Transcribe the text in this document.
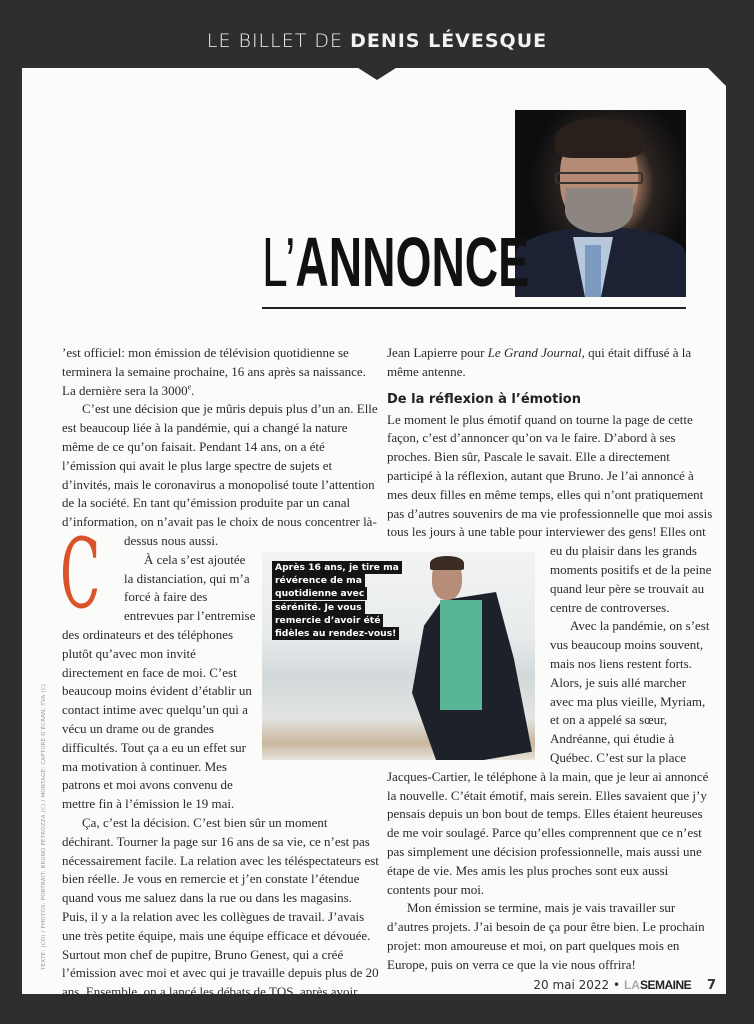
LE BILLET DE DENIS LÉVESQUE
L’ANNONCE
Après 16 ans, je tire ma révérence de ma quotidienne avec sérénité. Je vous remercie d’avoir été fidèles au rendez-vous!
C

’est officiel: mon émission de télévision quotidienne se terminera la semaine prochaine, 16 ans après sa naissance. La dernière sera la 3000e.

C’est une décision que je mûris depuis plus d’un an. Elle est beaucoup liée à la pandémie, qui a changé la nature même de ce qu’on faisait. Pendant 14 ans, on a été l’émission qui avait le plus large spectre de sujets et d’invités, mais le coronavirus a monopolisé toute l’attention de la société. En tant qu’émission produite par un canal d’information, on n’avait pas le choix de nous concentrer là-dessus nous aussi.

À cela s’est ajoutée la distanciation, qui m’a forcé à faire des entrevues par l’entremise des ordinateurs et des téléphones plutôt qu’avec mon invité directement en face de moi. C’est beaucoup moins évident d’établir un contact intime avec quelqu’un qui a vécu un drame ou de grandes difficultés. Tout ça a eu un effet sur ma motivation à continuer. Mes patrons et moi avons convenu de mettre fin à l’émission le 19 mai.

Ça, c’est la décision. C’est bien sûr un moment déchirant. Tourner la page sur 16 ans de sa vie, ce n’est pas nécessairement facile. La relation avec les téléspectateurs est bien réelle. Je vous en remercie et j’en constate l’étendue quand vous me saluez dans la rue ou dans les magasins. Puis, il y a la relation avec les collègues de travail. J’avais une très petite équipe, mais une équipe efficace et dévouée. Surtout mon chef de pupitre, Bruno Genest, qui a créé l’émission avec moi et avec qui je travaille depuis plus de 20 ans. Ensemble, on a lancé les débats de TQS, après avoir tous deux travaillé avec

Jean Lapierre pour Le Grand Journal, qui était diffusé à la même antenne.

De la réflexion à l’émotion

Le moment le plus émotif quand on tourne la page de cette façon, c’est d’annoncer qu’on va le faire. D’abord à ses proches. Bien sûr, Pascale le savait. Elle a directement participé à la réflexion, autant que Bruno. Je l’ai annoncé à mes deux filles en même temps, elles qui n’ont pratiquement pas d’autres souvenirs de ma vie professionnelle que moi assis tous les jours à une table pour interviewer des gens! Elles ont eu du plaisir dans les grands moments positifs et de la peine quand leur père se trouvait au centre de controverses.

Avec la pandémie, on s’est vus beaucoup moins souvent, mais nos liens restent forts. Alors, je suis allé marcher avec ma plus vieille, Myriam, et on a appelé sa sœur, Andréanne, qui étudie à Québec. C’est sur la place Jacques-Cartier, le téléphone à la main, que je leur ai annoncé la nouvelle. C’était émotif, mais serein. Elles savaient que j’y pensais depuis un bon bout de temps. Elles étaient heureuses de me voir soulagé. Parce qu’elles comprennent que ce n’est pas simplement une décision professionnelle, mais aussi une étape de vie. Mes amis les plus proches sont eux aussi contents pour moi.

Mon émission se termine, mais je vais travailler sur d’autres projets. J’ai besoin de ça pour être bien. Le prochain projet: mon amoureuse et moi, on part quelques mois en Europe, puis on verra ce que la vie nous offrira!

TEXTE: (CO) / PHOTOS: PORTRAIT: BRUNO PETROZZA (C) / MONTAGE: CAPTURE D’ÉCRAN, TVA (C)
20 mai 2022 • LASEMAINE 7
